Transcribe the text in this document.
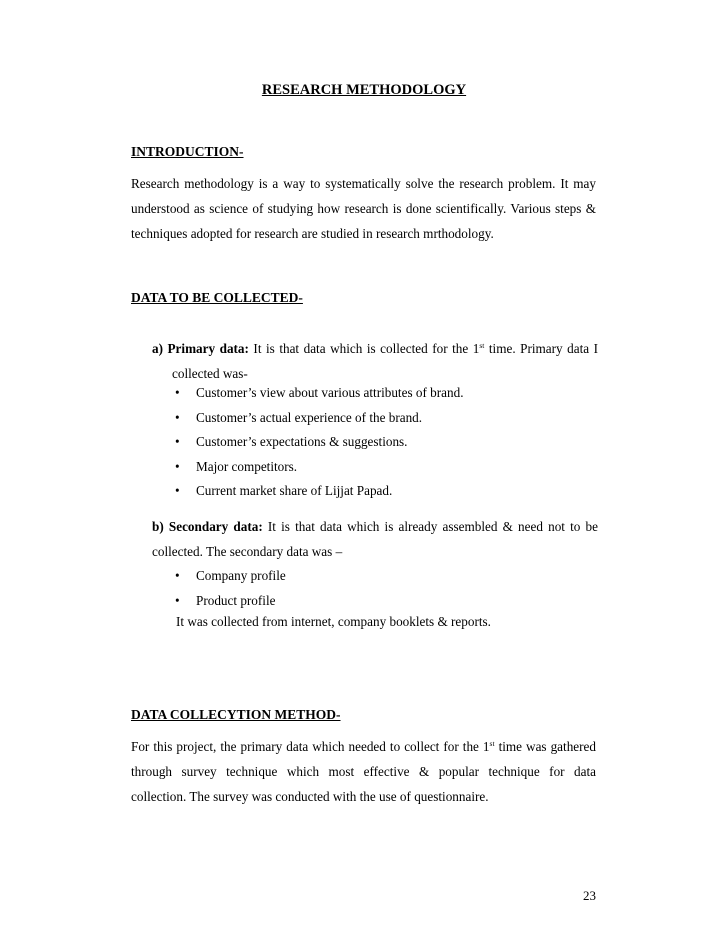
RESEARCH METHODOLOGY
INTRODUCTION-
Research methodology is a way to systematically solve the research problem. It may
understood as science of studying how research is done scientifically. Various steps &
techniques adopted for research are studied in research mrthodology.
DATA TO BE COLLECTED-
a) Primary data: It is that data which is collected for the 1st time. Primary data I
collected was-
• Customer’s view about various attributes of brand.
• Customer’s actual experience of the brand.
• Customer’s expectations & suggestions.
• Major competitors.
• Current market share of Lijjat Papad.
b) Secondary data: It is that data which is already assembled & need not to be
collected. The secondary data was –
• Company profile
• Product profile
It was collected from internet, company booklets & reports.
DATA COLLECYTION METHOD-
For this project, the primary data which needed to collect for the 1st time was gathered
through survey technique which most effective & popular technique for data
collection. The survey was conducted with the use of questionnaire.
23
